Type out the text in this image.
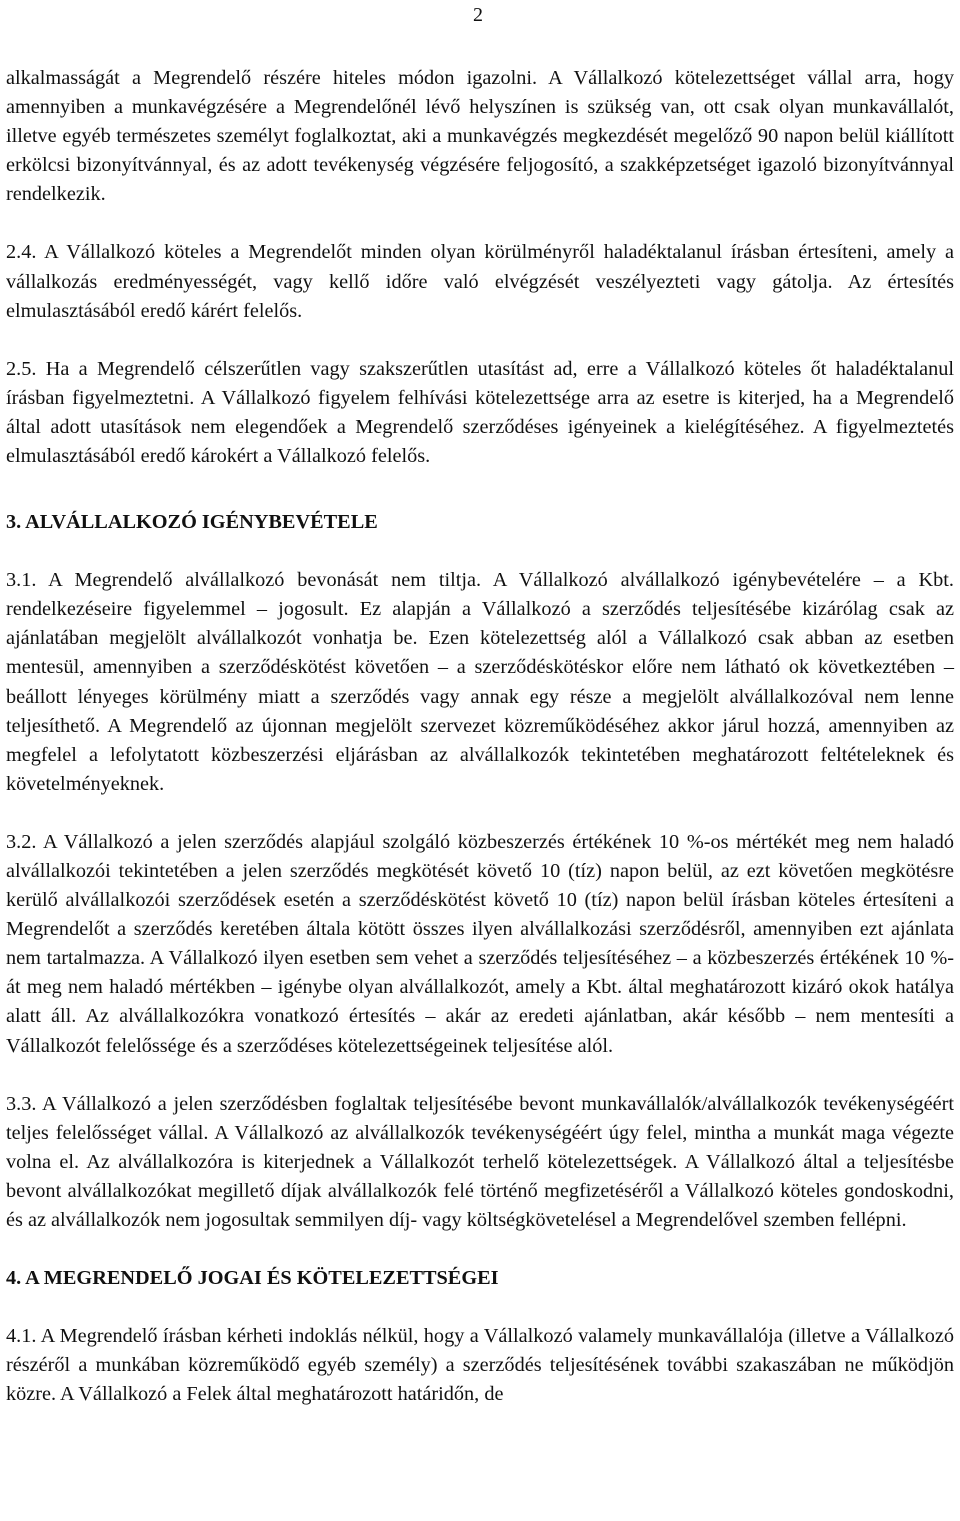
2

alkalmasságát a Megrendelő részére hiteles módon igazolni. A Vállalkozó kötelezettséget vállal arra, hogy amennyiben a munkavégzésére a Megrendelőnél lévő helyszínen is szükség van, ott csak olyan munkavállalót, illetve egyéb természetes személyt foglalkoztat, aki a munkavégzés megkezdését megelőző 90 napon belül kiállított erkölcsi bizonyítvánnyal, és az adott tevékenység végzésére feljogosító, a szakképzetséget igazoló bizonyítvánnyal rendelkezik.

2.4. A Vállalkozó köteles a Megrendelőt minden olyan körülményről haladéktalanul írásban értesíteni, amely a vállalkozás eredményességét, vagy kellő időre való elvégzését veszélyezteti vagy gátolja. Az értesítés elmulasztásából eredő kárért felelős.

2.5. Ha a Megrendelő célszerűtlen vagy szakszerűtlen utasítást ad, erre a Vállalkozó köteles őt haladéktalanul írásban figyelmeztetni. A Vállalkozó figyelem felhívási kötelezettsége arra az esetre is kiterjed, ha a Megrendelő által adott utasítások nem elegendőek a Megrendelő szerződéses igényeinek a kielégítéséhez. A figyelmeztetés elmulasztásából eredő károkért a Vállalkozó felelős.

3. ALVÁLLALKOZÓ IGÉNYBEVÉTELE

3.1. A Megrendelő alvállalkozó bevonását nem tiltja. A Vállalkozó alvállalkozó igénybevételére – a Kbt. rendelkezéseire figyelemmel – jogosult. Ez alapján a Vállalkozó a szerződés teljesítésébe kizárólag csak az ajánlatában megjelölt alvállalkozót vonhatja be. Ezen kötelezettség alól a Vállalkozó csak abban az esetben mentesül, amennyiben a szerződéskötést követően – a szerződéskötéskor előre nem látható ok következtében – beállott lényeges körülmény miatt a szerződés vagy annak egy része a megjelölt alvállalkozóval nem lenne teljesíthető. A Megrendelő az újonnan megjelölt szervezet közreműködéséhez akkor járul hozzá, amennyiben az megfelel a lefolytatott közbeszerzési eljárásban az alvállalkozók tekintetében meghatározott feltételeknek és követelményeknek.

3.2. A Vállalkozó a jelen szerződés alapjául szolgáló közbeszerzés értékének 10 %-os mértékét meg nem haladó alvállalkozói tekintetében a jelen szerződés megkötését követő 10 (tíz) napon belül, az ezt követően megkötésre kerülő alvállalkozói szerződések esetén a szerződéskötést követő 10 (tíz) napon belül írásban köteles értesíteni a Megrendelőt a szerződés keretében általa kötött összes ilyen alvállalkozási szerződésről, amennyiben ezt ajánlata nem tartalmazza. A Vállalkozó ilyen esetben sem vehet a szerződés teljesítéséhez – a közbeszerzés értékének 10 %-át meg nem haladó mértékben – igénybe olyan alvállalkozót, amely a Kbt. által meghatározott kizáró okok hatálya alatt áll. Az alvállalkozókra vonatkozó értesítés – akár az eredeti ajánlatban, akár később – nem mentesíti a Vállalkozót felelőssége és a szerződéses kötelezettségeinek teljesítése alól.

3.3. A Vállalkozó a jelen szerződésben foglaltak teljesítésébe bevont munkavállalók/alvállalkozók tevékenységéért teljes felelősséget vállal. A Vállalkozó az alvállalkozók tevékenységéért úgy felel, mintha a munkát maga végezte volna el. Az alvállalkozóra is kiterjednek a Vállalkozót terhelő kötelezettségek. A Vállalkozó által a teljesítésbe bevont alvállalkozókat megillető díjak alvállalkozók felé történő megfizetéséről a Vállalkozó köteles gondoskodni, és az alvállalkozók nem jogosultak semmilyen díj- vagy költségkövetelésel a Megrendelővel szemben fellépni.

4. A MEGRENDELŐ JOGAI ÉS KÖTELEZETTSÉGEI

4.1. A Megrendelő írásban kérheti indoklás nélkül, hogy a Vállalkozó valamely munkavállalója (illetve a Vállalkozó részéről a munkában közreműködő egyéb személy) a szerződés teljesítésének további szakaszában ne működjön közre. A Vállalkozó a Felek által meghatározott határidőn, de
